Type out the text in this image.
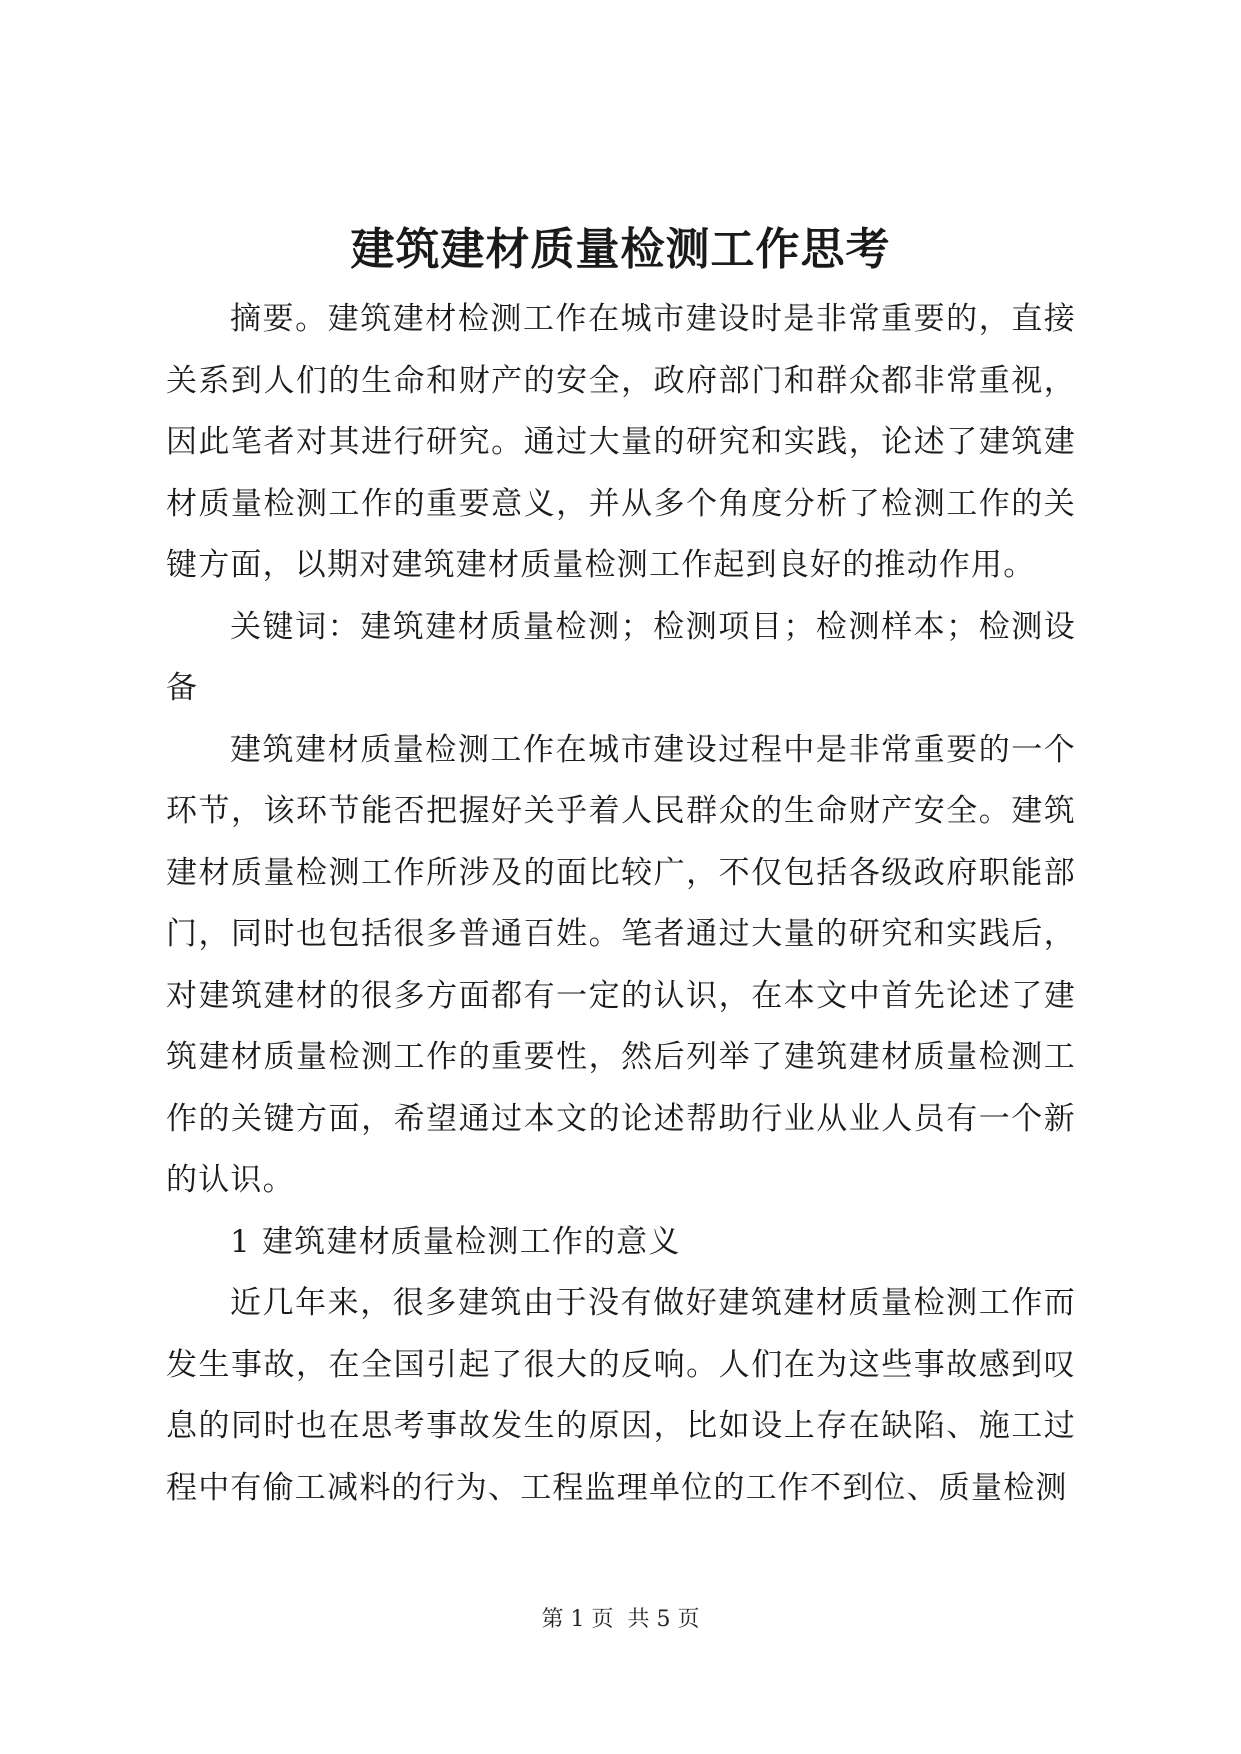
建筑建材质量检测工作思考

摘要。建筑建材检测工作在城市建设时是非常重要的，直接关系到人们的生命和财产的安全，政府部门和群众都非常重视，因此笔者对其进行研究。通过大量的研究和实践，论述了建筑建材质量检测工作的重要意义，并从多个角度分析了检测工作的关键方面，以期对建筑建材质量检测工作起到良好的推动作用。

关键词：建筑建材质量检测；检测项目；检测样本；检测设备

建筑建材质量检测工作在城市建设过程中是非常重要的一个环节，该环节能否把握好关乎着人民群众的生命财产安全。建筑建材质量检测工作所涉及的面比较广，不仅包括各级政府职能部门，同时也包括很多普通百姓。笔者通过大量的研究和实践后，对建筑建材的很多方面都有一定的认识，在本文中首先论述了建筑建材质量检测工作的重要性，然后列举了建筑建材质量检测工作的关键方面，希望通过本文的论述帮助行业从业人员有一个新的认识。

1 建筑建材质量检测工作的意义

近几年来，很多建筑由于没有做好建筑建材质量检测工作而发生事故，在全国引起了很大的反响。人们在为这些事故感到叹息的同时也在思考事故发生的原因，比如设上存在缺陷、施工过程中有偷工减料的行为、工程监理单位的工作不到位、质量检测

第 1 页  共 5 页
